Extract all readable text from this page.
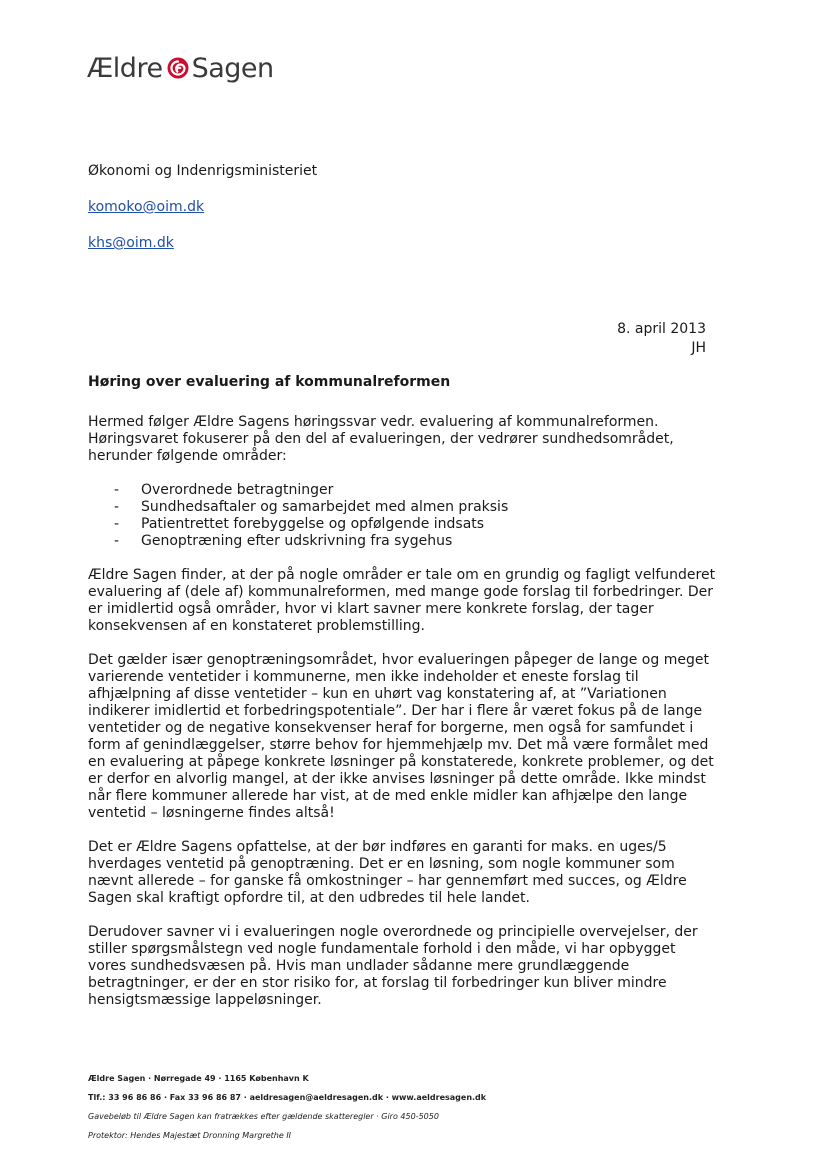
Ældre Sagen
Økonomi og Indenrigsministeriet
komoko@oim.dk
khs@oim.dk
8. april 2013
JH
Høring over evaluering af kommunalreformen

Hermed følger Ældre Sagens høringssvar vedr. evaluering af kommunalreformen. Høringsvaret fokuserer på den del af evalueringen, der vedrører sundhedsområdet, herunder følgende områder:

- Overordnede betragtninger
- Sundhedsaftaler og samarbejdet med almen praksis
- Patientrettet forebyggelse og opfølgende indsats
- Genoptræning efter udskrivning fra sygehus

Ældre Sagen finder, at der på nogle områder er tale om en grundig og fagligt velfunderet evaluering af (dele af) kommunalreformen, med mange gode forslag til forbedringer. Der er imidlertid også områder, hvor vi klart savner mere konkrete forslag, der tager konsekvensen af en konstateret problemstilling.

Det gælder især genoptræningsområdet, hvor evalueringen påpeger de lange og meget varierende ventetider i kommunerne, men ikke indeholder et eneste forslag til afhjælpning af disse ventetider – kun en uhørt vag konstatering af, at ”Variationen indikerer imidlertid et forbedringspotentiale”. Der har i flere år været fokus på de lange ventetider og de negative konsekvenser heraf for borgerne, men også for samfundet i form af genindlæggelser, større behov for hjemmehjælp mv. Det må være formålet med en evaluering at påpege konkrete løsninger på konstaterede, konkrete problemer, og det er derfor en alvorlig mangel, at der ikke anvises løsninger på dette område. Ikke mindst når flere kommuner allerede har vist, at de med enkle midler kan afhjælpe den lange ventetid – løsningerne findes altså!

Det er Ældre Sagens opfattelse, at der bør indføres en garanti for maks. en uges/5 hverdages ventetid på genoptræning. Det er en løsning, som nogle kommuner som nævnt allerede – for ganske få omkostninger – har gennemført med succes, og Ældre Sagen skal kraftigt opfordre til, at den udbredes til hele landet.

Derudover savner vi i evalueringen nogle overordnede og principielle overvejelser, der stiller spørgsmålstegn ved nogle fundamentale forhold i den måde, vi har opbygget vores sundhedsvæsen på. Hvis man undlader sådanne mere grundlæggende betragtninger, er der en stor risiko for, at forslag til forbedringer kun bliver mindre hensigtsmæssige lappeløsninger.

Ældre Sagen · Nørregade 49 · 1165 København K
Tlf.: 33 96 86 86 · Fax 33 96 86 87 · aeldresagen@aeldresagen.dk · www.aeldresagen.dk
Gavebeløb til Ældre Sagen kan fratrækkes efter gældende skatteregler · Giro 450-5050
Protektor: Hendes Majestæt Dronning Margrethe II
